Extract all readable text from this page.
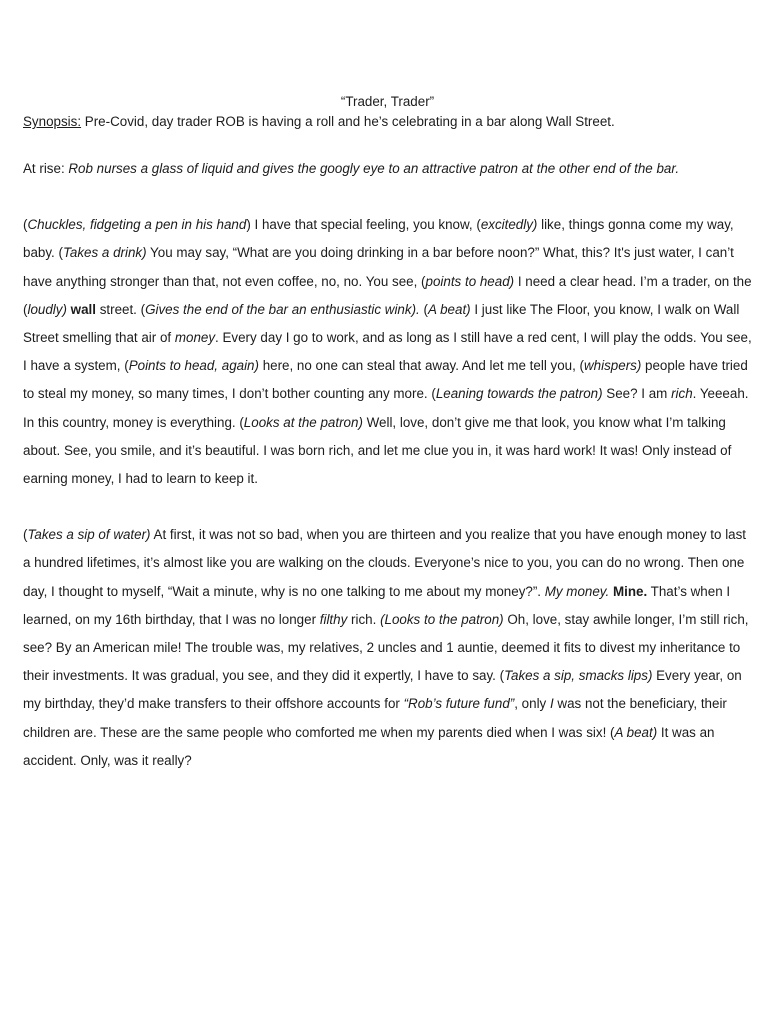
“Trader, Trader”

Synopsis: Pre-Covid, day trader ROB is having a roll and he’s celebrating in a bar along Wall Street.

At rise: Rob nurses a glass of liquid and gives the googly eye to an attractive patron at the other end of the bar.

(Chuckles, fidgeting a pen in his hand) I have that special feeling, you know, (excitedly) like, things gonna come my way, baby. (Takes a drink) You may say, “What are you doing drinking in a bar before noon?” What, this? It's just water, I can’t have anything stronger than that, not even coffee, no, no. You see, (points to head) I need a clear head. I’m a trader, on the (loudly) wall street. (Gives the end of the bar an enthusiastic wink). (A beat) I just like The Floor, you know, I walk on Wall Street smelling that air of money. Every day I go to work, and as long as I still have a red cent, I will play the odds. You see, I have a system, (Points to head, again) here, no one can steal that away. And let me tell you, (whispers) people have tried to steal my money, so many times, I don’t bother counting any more. (Leaning towards the patron) See? I am rich. Yeeeah. In this country, money is everything. (Looks at the patron) Well, love, don’t give me that look, you know what I’m talking about. See, you smile, and it’s beautiful. I was born rich, and let me clue you in, it was hard work! It was! Only instead of earning money, I had to learn to keep it.

(Takes a sip of water) At first, it was not so bad, when you are thirteen and you realize that you have enough money to last a hundred lifetimes, it’s almost like you are walking on the clouds. Everyone’s nice to you, you can do no wrong. Then one day, I thought to myself, “Wait a minute, why is no one talking to me about my money?”. My money. Mine. That’s when I learned, on my 16th birthday, that I was no longer filthy rich. (Looks to the patron) Oh, love, stay awhile longer, I’m still rich, see? By an American mile! The trouble was, my relatives, 2 uncles and 1 auntie, deemed it fits to divest my inheritance to their investments. It was gradual, you see, and they did it expertly, I have to say. (Takes a sip, smacks lips) Every year, on my birthday, they’d make transfers to their offshore accounts for “Rob’s future fund”, only I was not the beneficiary, their children are. These are the same people who comforted me when my parents died when I was six! (A beat) It was an accident. Only, was it really?
